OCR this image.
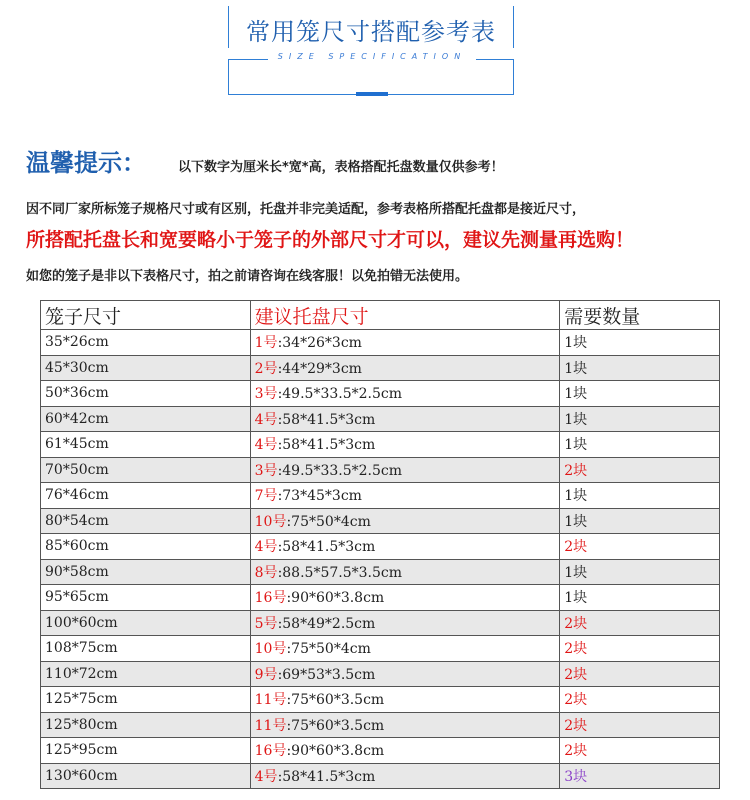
常用笼尺寸搭配参考表
SIZE SPECIFICATION
温馨提示： 以下数字为厘米长*宽*高，表格搭配托盘数量仅供参考！
因不同厂家所标笼子规格尺寸或有区别，托盘并非完美适配，参考表格所搭配托盘都是接近尺寸，
所搭配托盘长和宽要略小于笼子的外部尺寸才可以，建议先测量再选购！
如您的笼子是非以下表格尺寸，拍之前请咨询在线客服！以免拍错无法使用。
笼子尺寸	建议托盘尺寸	需要数量
35*26cm	1号:34*26*3cm	1块
45*30cm	2号:44*29*3cm	1块
50*36cm	3号:49.5*33.5*2.5cm	1块
60*42cm	4号:58*41.5*3cm	1块
61*45cm	4号:58*41.5*3cm	1块
70*50cm	3号:49.5*33.5*2.5cm	2块
76*46cm	7号:73*45*3cm	1块
80*54cm	10号:75*50*4cm	1块
85*60cm	4号:58*41.5*3cm	2块
90*58cm	8号:88.5*57.5*3.5cm	1块
95*65cm	16号:90*60*3.8cm	1块
100*60cm	5号:58*49*2.5cm	2块
108*75cm	10号:75*50*4cm	2块
110*72cm	9号:69*53*3.5cm	2块
125*75cm	11号:75*60*3.5cm	2块
125*80cm	11号:75*60*3.5cm	2块
125*95cm	16号:90*60*3.8cm	2块
130*60cm	4号:58*41.5*3cm	3块
